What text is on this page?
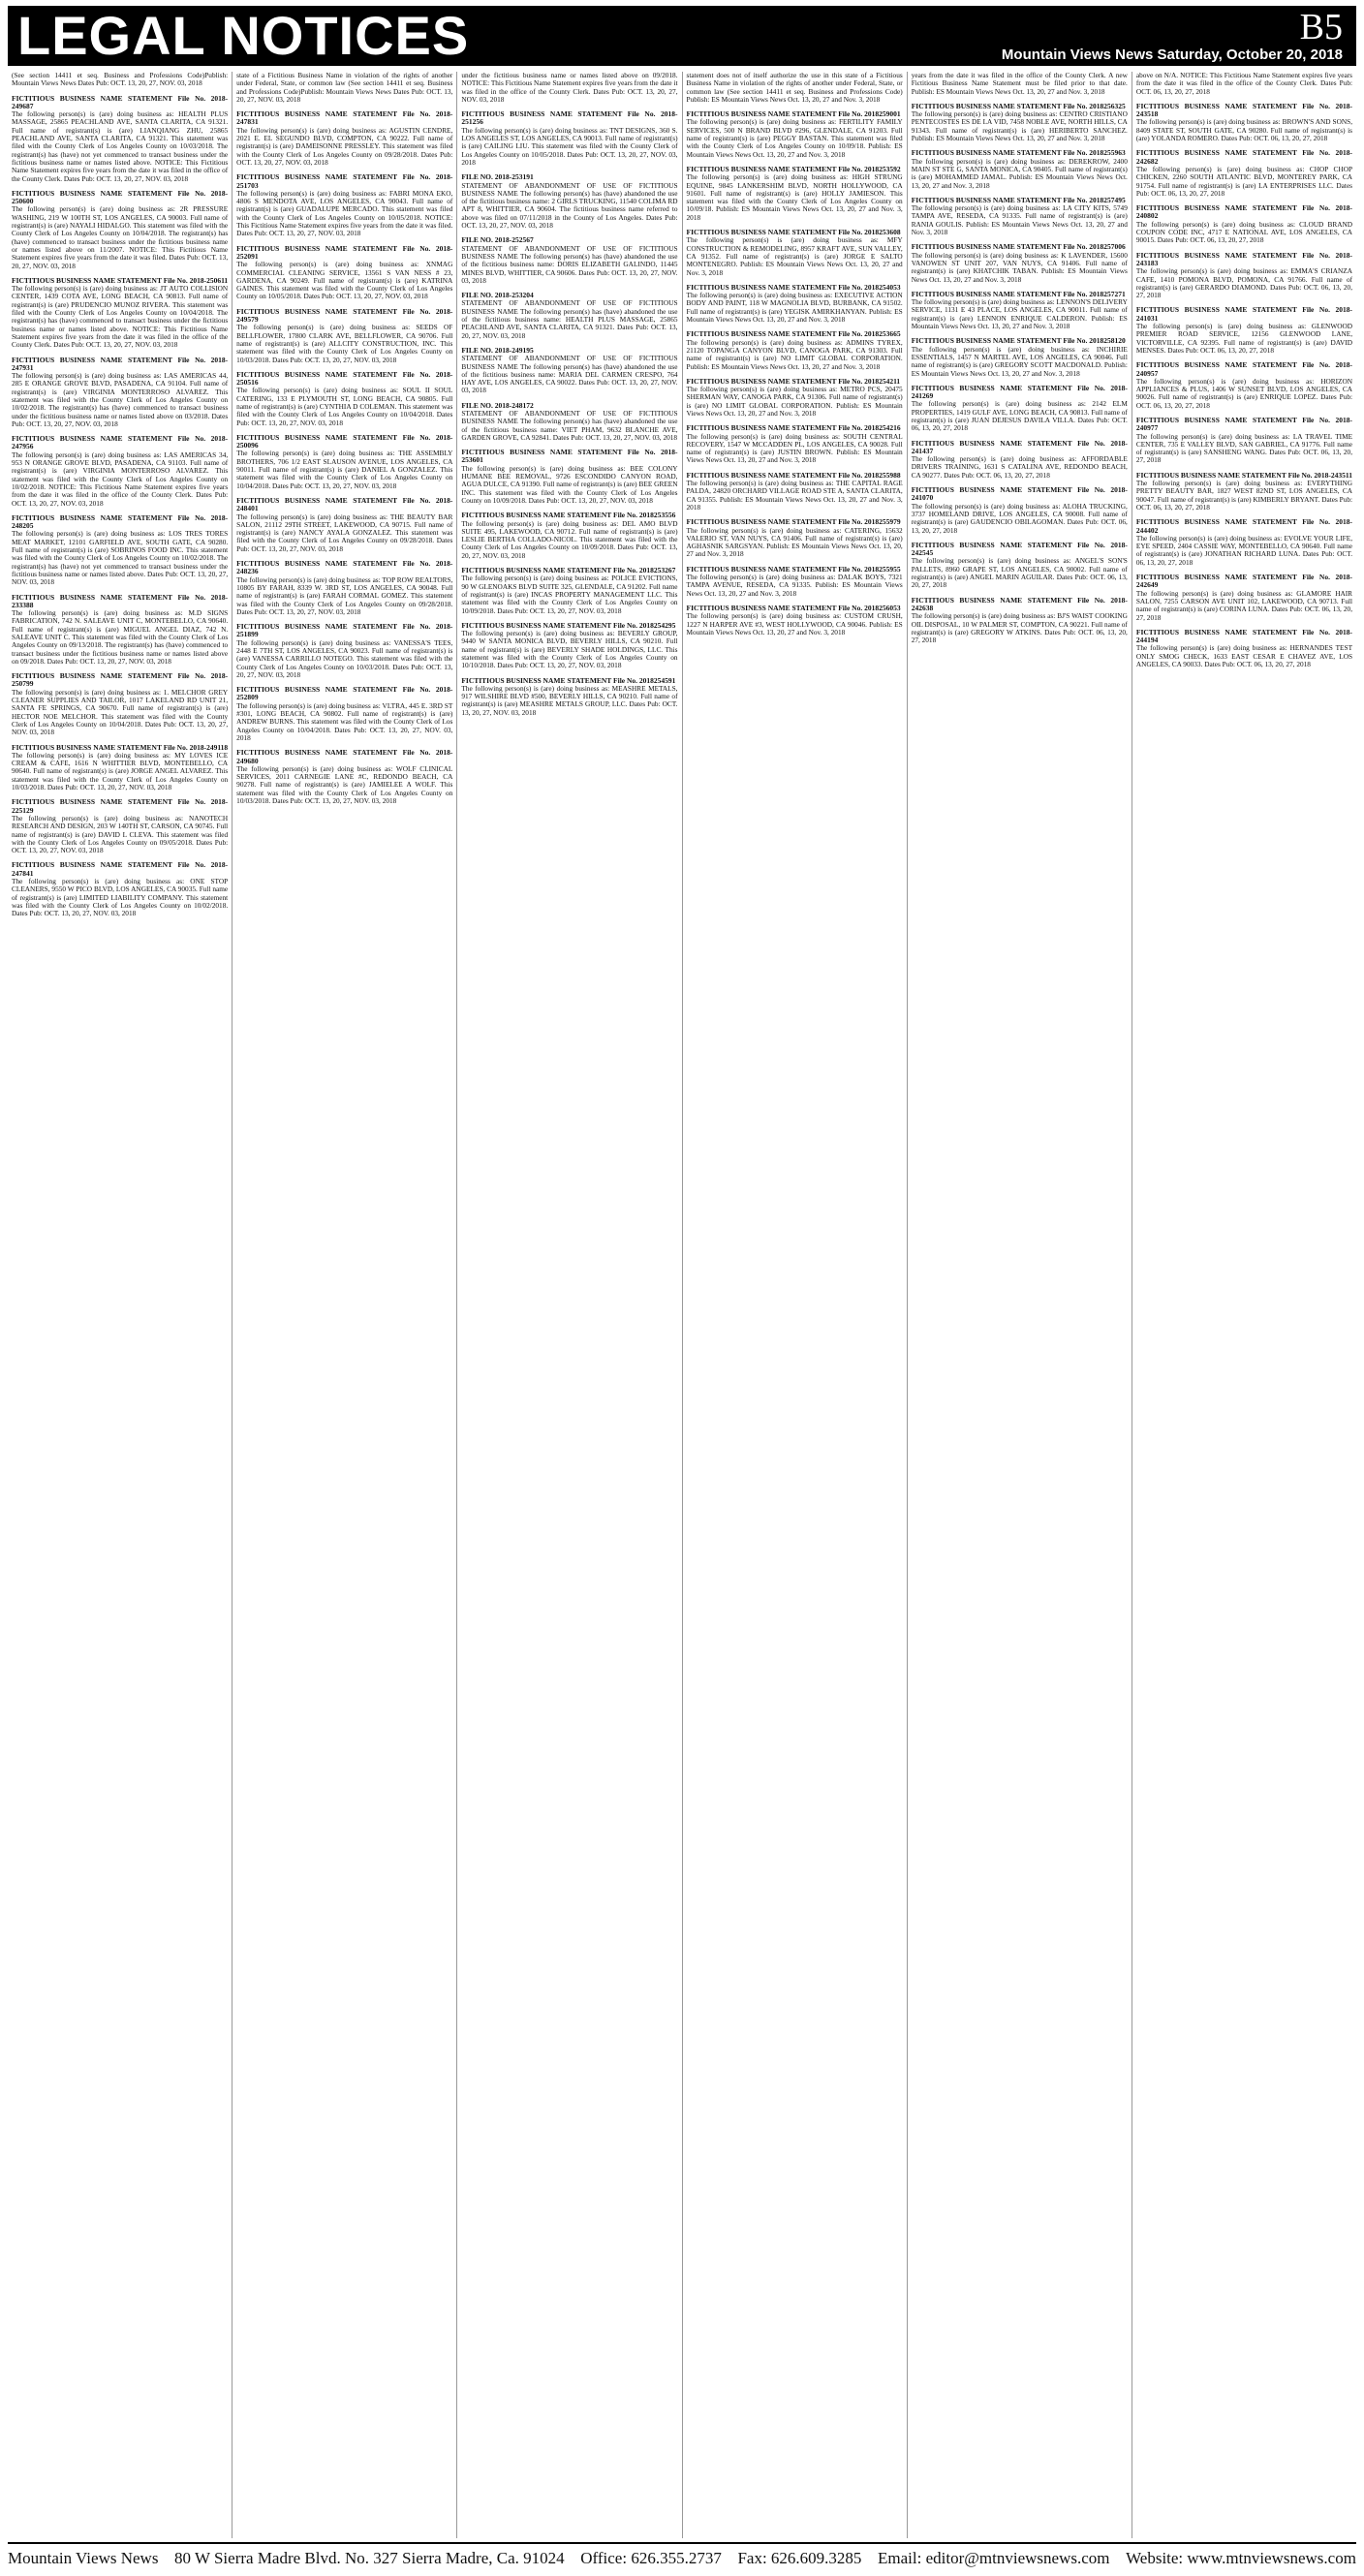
LEGAL NOTICES	B5
Mountain Views News Saturday, October 20, 2018

(See section 14411 et seq. Business and Professions Code)Publish: Mountain Views News Dates Pub: OCT. 13, 20, 27, NOV. 03, 2018

FICTITIOUS BUSINESS NAME STATEMENT File No. 2018-249687
The following person(s) is (are) doing business as: HEALTH PLUS MASSAGE, 25865 PEACHLAND AVE, SANTA CLARITA, CA 91321. Full name of registrant(s) is (are) LIANQIANG ZHU, 25865 PEACHLAND AVE, SANTA CLARITA, CA 91321. This statement was filed with the County Clerk of Los Angeles County on 10/03/2018. The registrant(s) has (have) not yet commenced to transact business under the fictitious business name or names listed above. NOTICE: This Fictitious Name Statement expires five years from the date it was filed in the office of the County Clerk. Dates Pub: OCT. 13, 20, 27, NOV. 03, 2018

FICTITIOUS BUSINESS NAME STATEMENT File No. 2018-250600
The following person(s) is (are) doing business as: 2R PRESSURE WASHING, 219 W 100TH ST, LOS ANGELES, CA 90003. Full name of registrant(s) is (are) NAYALI HIDALGO. This statement was filed with the County Clerk of Los Angeles County on 10/04/2018. The registrant(s) has (have) commenced to transact business under the fictitious business name or names listed above on 11/2007. NOTICE: This Fictitious Name Statement expires five years from the date it was filed. Dates Pub: OCT. 13, 20, 27, NOV. 03, 2018

FICTITIOUS BUSINESS NAME STATEMENT File No. 2018-250611
The following person(s) is (are) doing business as: JT AUTO COLLISION CENTER, 1439 COTA AVE, LONG BEACH, CA 90813. Full name of registrant(s) is (are) PRUDENCIO MUNOZ RIVERA. This statement was filed with the County Clerk of Los Angeles County on 10/04/2018. The registrant(s) has (have) commenced to transact business under the fictitious business name or names listed above. NOTICE: This Fictitious Name Statement expires five years from the date it was filed in the office of the County Clerk. Dates Pub: OCT. 13, 20, 27, NOV. 03, 2018

FICTITIOUS BUSINESS NAME STATEMENT File No. 2018-247931
The following person(s) is (are) doing business as: LAS AMERICAS 44, 285 E ORANGE GROVE BLVD, PASADENA, CA 91104. Full name of registrant(s) is (are) VIRGINIA MONTERROSO ALVAREZ. This statement was filed with the County Clerk of Los Angeles County on 10/02/2018. The registrant(s) has (have) commenced to transact business under the fictitious business name or names listed above on 03/2018. Dates Pub: OCT. 13, 20, 27, NOV. 03, 2018

FICTITIOUS BUSINESS NAME STATEMENT File No. 2018-247956
The following person(s) is (are) doing business as: LAS AMERICAS 34, 953 N ORANGE GROVE BLVD, PASADENA, CA 91103. Full name of registrant(s) is (are) VIRGINIA MONTERROSO ALVAREZ. This statement was filed with the County Clerk of Los Angeles County on 10/02/2018. NOTICE: This Fictitious Name Statement expires five years from the date it was filed in the office of the County Clerk. Dates Pub: OCT. 13, 20, 27, NOV. 03, 2018

FICTITIOUS BUSINESS NAME STATEMENT File No. 2018-248205
The following person(s) is (are) doing business as: LOS TRES TORES MEAT MARKET, 12101 GARFIELD AVE, SOUTH GATE, CA 90280. Full name of registrant(s) is (are) SOBRINOS FOOD INC. This statement was filed with the County Clerk of Los Angeles County on 10/02/2018. The registrant(s) has (have) not yet commenced to transact business under the fictitious business name or names listed above. Dates Pub: OCT. 13, 20, 27, NOV. 03, 2018

FICTITIOUS BUSINESS NAME STATEMENT File No. 2018-233388
The following person(s) is (are) doing business as: M.D SIGNS FABRICATION, 742 N. SALEAVE UNIT C, MONTEBELLO, CA 90640. Full name of registrant(s) is (are) MIGUEL ANGEL DIAZ, 742 N. SALEAVE UNIT C. This statement was filed with the County Clerk of Los Angeles County on 09/13/2018. The registrant(s) has (have) commenced to transact business under the fictitious business name or names listed above on 09/2018. Dates Pub: OCT. 13, 20, 27, NOV. 03, 2018

FICTITIOUS BUSINESS NAME STATEMENT File No. 2018-250799
The following person(s) is (are) doing business as: 1. MELCHOR GREY CLEANER SUPPLIES AND TAILOR, 1017 LAKELAND RD UNIT 21, SANTA FE SPRINGS, CA 90670. Full name of registrant(s) is (are) HECTOR NOE MELCHOR. This statement was filed with the County Clerk of Los Angeles County on 10/04/2018. Dates Pub: OCT. 13, 20, 27, NOV. 03, 2018

FICTITIOUS BUSINESS NAME STATEMENT File No. 2018-249118
The following person(s) is (are) doing business as: MY LOVES ICE CREAM & CAFE, 1616 N WHITTIER BLVD, MONTEBELLO, CA 90640. Full name of registrant(s) is (are) JORGE ANGEL ALVAREZ. This statement was filed with the County Clerk of Los Angeles County on 10/03/2018. Dates Pub: OCT. 13, 20, 27, NOV. 03, 2018

FICTITIOUS BUSINESS NAME STATEMENT File No. 2018-225129
The following person(s) is (are) doing business as: NANOTECH RESEARCH AND DESIGN, 203 W 140TH ST, CARSON, CA 90745. Full name of registrant(s) is (are) DAVID L CLEVA. This statement was filed with the County Clerk of Los Angeles County on 09/05/2018. Dates Pub: OCT. 13, 20, 27, NOV. 03, 2018

FICTITIOUS BUSINESS NAME STATEMENT File No. 2018-247841
The following person(s) is (are) doing business as: ONE STOP CLEANERS, 9550 W PICO BLVD, LOS ANGELES, CA 90035. Full name of registrant(s) is (are) LIMITED LIABILITY COMPANY. This statement was filed with the County Clerk of Los Angeles County on 10/02/2018. Dates Pub: OCT. 13, 20, 27, NOV. 03, 2018

state of a Fictitious Business Name in violation of the rights of another under Federal, State, or common law (See section 14411 et seq. Business and Professions Code)Publish: Mountain Views News Dates Pub: OCT. 13, 20, 27, NOV. 03, 2018

FICTITIOUS BUSINESS NAME STATEMENT File No. 2018-247831
The following person(s) is (are) doing business as: AGUSTIN CENDRE, 2021 E. EL SEGUNDO BLVD, COMPTON, CA 90222. Full name of registrant(s) is (are) DAMEISONNE PRESSLEY. This statement was filed with the County Clerk of Los Angeles County on 09/28/2018. Dates Pub: OCT. 13, 20, 27, NOV. 03, 2018

FICTITIOUS BUSINESS NAME STATEMENT File No. 2018-251703
The following person(s) is (are) doing business as: FABRI MONA EKO, 4806 S MENDOTA AVE, LOS ANGELES, CA 90043. Full name of registrant(s) is (are) GUADALUPE MERCADO. This statement was filed with the County Clerk of Los Angeles County on 10/05/2018. NOTICE: This Fictitious Name Statement expires five years from the date it was filed. Dates Pub: OCT. 13, 20, 27, NOV. 03, 2018

FICTITIOUS BUSINESS NAME STATEMENT File No. 2018-252091
The following person(s) is (are) doing business as: XNMAG COMMERCIAL CLEANING SERVICE, 13561 S VAN NESS # 23, GARDENA, CA 90249. Full name of registrant(s) is (are) KATRINA GAINES. This statement was filed with the County Clerk of Los Angeles County on 10/05/2018. Dates Pub: OCT. 13, 20, 27, NOV. 03, 2018

FICTITIOUS BUSINESS NAME STATEMENT File No. 2018-249579
The following person(s) is (are) doing business as: SEEDS OF BELLFLOWER, 17800 CLARK AVE, BELLFLOWER, CA 90706. Full name of registrant(s) is (are) ALLCITY CONSTRUCTION, INC. This statement was filed with the County Clerk of Los Angeles County on 10/03/2018. Dates Pub: OCT. 13, 20, 27, NOV. 03, 2018

FICTITIOUS BUSINESS NAME STATEMENT File No. 2018-250516
The following person(s) is (are) doing business as: SOUL II SOUL CATERING, 133 E PLYMOUTH ST, LONG BEACH, CA 90805. Full name of registrant(s) is (are) CYNTHIA D COLEMAN. This statement was filed with the County Clerk of Los Angeles County on 10/04/2018. Dates Pub: OCT. 13, 20, 27, NOV. 03, 2018

FICTITIOUS BUSINESS NAME STATEMENT File No. 2018-250096
The following person(s) is (are) doing business as: THE ASSEMBLY BROTHERS, 706 1/2 EAST SLAUSON AVENUE, LOS ANGELES, CA 90011. Full name of registrant(s) is (are) DANIEL A GONZALEZ. This statement was filed with the County Clerk of Los Angeles County on 10/04/2018. Dates Pub: OCT. 13, 20, 27, NOV. 03, 2018

FICTITIOUS BUSINESS NAME STATEMENT File No. 2018-248401
The following person(s) is (are) doing business as: THE BEAUTY BAR SALON, 21112 29TH STREET, LAKEWOOD, CA 90715. Full name of registrant(s) is (are) NANCY AYALA GONZALEZ. This statement was filed with the County Clerk of Los Angeles County on 09/28/2018. Dates Pub: OCT. 13, 20, 27, NOV. 03, 2018

FICTITIOUS BUSINESS NAME STATEMENT File No. 2018-248236
The following person(s) is (are) doing business as: TOP ROW REALTORS, 10805 BY FARAH, 8339 W. 3RD ST, LOS ANGELES, CA 90048. Full name of registrant(s) is (are) FARAH CORMAL GOMEZ. This statement was filed with the County Clerk of Los Angeles County on 09/28/2018. Dates Pub: OCT. 13, 20, 27, NOV. 03, 2018

FICTITIOUS BUSINESS NAME STATEMENT File No. 2018-251899
The following person(s) is (are) doing business as: VANESSA'S TEES, 2448 E 7TH ST, LOS ANGELES, CA 90023. Full name of registrant(s) is (are) VANESSA CARRILLO NOTEGO. This statement was filed with the County Clerk of Los Angeles County on 10/03/2018. Dates Pub: OCT. 13, 20, 27, NOV. 03, 2018

FICTITIOUS BUSINESS NAME STATEMENT File No. 2018-252809
The following person(s) is (are) doing business as: VLTRA, 445 E. 3RD ST #301, LONG BEACH, CA 90802. Full name of registrant(s) is (are) ANDREW BURNS. This statement was filed with the County Clerk of Los Angeles County on 10/04/2018. Dates Pub: OCT. 13, 20, 27, NOV. 03, 2018

FICTITIOUS BUSINESS NAME STATEMENT File No. 2018-249680
The following person(s) is (are) doing business as: WOLF CLINICAL SERVICES, 2011 CARNEGIE LANE #C, REDONDO BEACH, CA 90278. Full name of registrant(s) is (are) JAMIELEE A WOLF. This statement was filed with the County Clerk of Los Angeles County on 10/03/2018. Dates Pub: OCT. 13, 20, 27, NOV. 03, 2018

under the fictitious business name or names listed above on 09/2018. NOTICE: This Fictitious Name Statement expires five years from the date it was filed in the office of the County Clerk. Dates Pub: OCT. 13, 20, 27, NOV. 03, 2018

FICTITIOUS BUSINESS NAME STATEMENT File No. 2018-251256
The following person(s) is (are) doing business as: TNT DESIGNS, 360 S. LOS ANGELES ST, LOS ANGELES, CA 90013. Full name of registrant(s) is (are) CAILING LIU. This statement was filed with the County Clerk of Los Angeles County on 10/05/2018. Dates Pub: OCT. 13, 20, 27, NOV. 03, 2018

FILE NO. 2018-253191
STATEMENT OF ABANDONMENT OF USE OF FICTITIOUS BUSINESS NAME The following person(s) has (have) abandoned the use of the fictitious business name: 2 GIRLS TRUCKING, 11540 COLIMA RD APT 8, WHITTIER, CA 90604. The fictitious business name referred to above was filed on 07/11/2018 in the County of Los Angeles. Dates Pub: OCT. 13, 20, 27, NOV. 03, 2018

FILE NO. 2018-252567
STATEMENT OF ABANDONMENT OF USE OF FICTITIOUS BUSINESS NAME The following person(s) has (have) abandoned the use of the fictitious business name: DORIS ELIZABETH GALINDO, 11445 MINES BLVD, WHITTIER, CA 90606. Dates Pub: OCT. 13, 20, 27, NOV. 03, 2018

FILE NO. 2018-253204
STATEMENT OF ABANDONMENT OF USE OF FICTITIOUS BUSINESS NAME The following person(s) has (have) abandoned the use of the fictitious business name: HEALTH PLUS MASSAGE, 25865 PEACHLAND AVE, SANTA CLARITA, CA 91321. Dates Pub: OCT. 13, 20, 27, NOV. 03, 2018

FILE NO. 2018-249195
STATEMENT OF ABANDONMENT OF USE OF FICTITIOUS BUSINESS NAME The following person(s) has (have) abandoned the use of the fictitious business name: MARIA DEL CARMEN CRESPO, 764 HAY AVE, LOS ANGELES, CA 90022. Dates Pub: OCT. 13, 20, 27, NOV. 03, 2018

FILE NO. 2018-248172
STATEMENT OF ABANDONMENT OF USE OF FICTITIOUS BUSINESS NAME The following person(s) has (have) abandoned the use of the fictitious business name: VIET PHAM, 9632 BLANCHE AVE, GARDEN GROVE, CA 92841. Dates Pub: OCT. 13, 20, 27, NOV. 03, 2018

FICTITIOUS BUSINESS NAME STATEMENT File No. 2018-253601
The following person(s) is (are) doing business as: BEE COLONY HUMANE BEE REMOVAL, 9726 ESCONDIDO CANYON ROAD, AGUA DULCE, CA 91390. Full name of registrant(s) is (are) BEE GREEN INC. This statement was filed with the County Clerk of Los Angeles County on 10/09/2018. Dates Pub: OCT. 13, 20, 27, NOV. 03, 2018

FICTITIOUS BUSINESS NAME STATEMENT File No. 2018253556
The following person(s) is (are) doing business as: DEL AMO BLVD SUITE 495, LAKEWOOD, CA 90712. Full name of registrant(s) is (are) LESLIE BERTHA COLLADO-NICOL. This statement was filed with the County Clerk of Los Angeles County on 10/09/2018. Dates Pub: OCT. 13, 20, 27, NOV. 03, 2018

FICTITIOUS BUSINESS NAME STATEMENT File No. 2018253267
The following person(s) is (are) doing business as: POLICE EVICTIONS, 90 W GLENOAKS BLVD SUITE 325, GLENDALE, CA 91202. Full name of registrant(s) is (are) INCAS PROPERTY MANAGEMENT LLC. This statement was filed with the County Clerk of Los Angeles County on 10/09/2018. Dates Pub: OCT. 13, 20, 27, NOV. 03, 2018

FICTITIOUS BUSINESS NAME STATEMENT File No. 2018254295
The following person(s) is (are) doing business as: BEVERLY GROUP, 9440 W SANTA MONICA BLVD, BEVERLY HILLS, CA 90210. Full name of registrant(s) is (are) BEVERLY SHADE HOLDINGS, LLC. This statement was filed with the County Clerk of Los Angeles County on 10/10/2018. Dates Pub: OCT. 13, 20, 27, NOV. 03, 2018

FICTITIOUS BUSINESS NAME STATEMENT File No. 2018254591
The following person(s) is (are) doing business as: MEASHRE METALS, 917 WILSHIRE BLVD #500, BEVERLY HILLS, CA 90210. Full name of registrant(s) is (are) MEASHRE METALS GROUP, LLC. Dates Pub: OCT. 13, 20, 27, NOV. 03, 2018

statement does not of itself authorize the use in this state of a Fictitious Business Name in violation of the rights of another under Federal, State, or common law (See section 14411 et seq. Business and Professions Code) Publish: ES Mountain Views News Oct. 13, 20, 27 and Nov. 3, 2018

FICTITIOUS BUSINESS NAME STATEMENT File No. 2018259001
The following person(s) is (are) doing business as: FERTILITY FAMILY SERVICES, 500 N BRAND BLVD #296, GLENDALE, CA 91203. Full name of registrant(s) is (are) PEGGY BASTAN. This statement was filed with the County Clerk of Los Angeles County on 10/09/18. Publish: ES Mountain Views News Oct. 13, 20, 27 and Nov. 3, 2018

FICTITIOUS BUSINESS NAME STATEMENT File No. 2018253592
The following person(s) is (are) doing business as: HIGH STRUNG EQUINE, 9845 LANKERSHIM BLVD, NORTH HOLLYWOOD, CA 91601. Full name of registrant(s) is (are) HOLLY JAMIESON. This statement was filed with the County Clerk of Los Angeles County on 10/09/18. Publish: ES Mountain Views News Oct. 13, 20, 27 and Nov. 3, 2018

FICTITIOUS BUSINESS NAME STATEMENT File No. 2018253608
The following person(s) is (are) doing business as: MFY CONSTRUCTION & REMODELING, 8957 KRAFT AVE, SUN VALLEY, CA 91352. Full name of registrant(s) is (are) JORGE E SALTO MONTENEGRO. Publish: ES Mountain Views News Oct. 13, 20, 27 and Nov. 3, 2018

FICTITIOUS BUSINESS NAME STATEMENT File No. 2018254053
The following person(s) is (are) doing business as: EXECUTIVE ACTION BODY AND PAINT, 118 W MAGNOLIA BLVD, BURBANK, CA 91502. Full name of registrant(s) is (are) YEGISK AMIRKHANYAN. Publish: ES Mountain Views News Oct. 13, 20, 27 and Nov. 3, 2018

FICTITIOUS BUSINESS NAME STATEMENT File No. 2018253665
The following person(s) is (are) doing business as: ADMINS TYREX, 21120 TOPANGA CANYON BLVD, CANOGA PARK, CA 91303. Full name of registrant(s) is (are) NO LIMIT GLOBAL CORPORATION. Publish: ES Mountain Views News Oct. 13, 20, 27 and Nov. 3, 2018

FICTITIOUS BUSINESS NAME STATEMENT File No. 2018254211
The following person(s) is (are) doing business as: METRO PCS, 20475 SHERMAN WAY, CANOGA PARK, CA 91306. Full name of registrant(s) is (are) NO LIMIT GLOBAL CORPORATION. Publish: ES Mountain Views News Oct. 13, 20, 27 and Nov. 3, 2018

FICTITIOUS BUSINESS NAME STATEMENT File No. 2018254216
The following person(s) is (are) doing business as: SOUTH CENTRAL RECOVERY, 1547 W MCCADDEN PL, LOS ANGELES, CA 90028. Full name of registrant(s) is (are) JUSTIN BROWN. Publish: ES Mountain Views News Oct. 13, 20, 27 and Nov. 3, 2018

FICTITIOUS BUSINESS NAME STATEMENT File No. 2018255988
The following person(s) is (are) doing business as: THE CAPITAL RAGE PALDA, 24820 ORCHARD VILLAGE ROAD STE A, SANTA CLARITA, CA 91355. Publish: ES Mountain Views News Oct. 13, 20, 27 and Nov. 3, 2018

FICTITIOUS BUSINESS NAME STATEMENT File No. 2018255979
The following person(s) is (are) doing business as: CATERING, 15632 VALERIO ST, VAN NUYS, CA 91406. Full name of registrant(s) is (are) AGHASNIK SARGSYAN. Publish: ES Mountain Views News Oct. 13, 20, 27 and Nov. 3, 2018

FICTITIOUS BUSINESS NAME STATEMENT File No. 2018255955
The following person(s) is (are) doing business as: DALAK BOYS, 7321 TAMPA AVENUE, RESEDA, CA 91335. Publish: ES Mountain Views News Oct. 13, 20, 27 and Nov. 3, 2018

FICTITIOUS BUSINESS NAME STATEMENT File No. 2018256053
The following person(s) is (are) doing business as: CUSTOM CRUSH, 1227 N HARPER AVE #3, WEST HOLLYWOOD, CA 90046. Publish: ES Mountain Views News Oct. 13, 20, 27 and Nov. 3, 2018

years from the date it was filed in the office of the County Clerk. A new Fictitious Business Name Statement must be filed prior to that date. Publish: ES Mountain Views News Oct. 13, 20, 27 and Nov. 3, 2018

FICTITIOUS BUSINESS NAME STATEMENT File No. 2018256325
The following person(s) is (are) doing business as: CENTRO CRISTIANO PENTECOSTES ES DE LA VID, 7458 NOBLE AVE, NORTH HILLS, CA 91343. Full name of registrant(s) is (are) HERIBERTO SANCHEZ. Publish: ES Mountain Views News Oct. 13, 20, 27 and Nov. 3, 2018

FICTITIOUS BUSINESS NAME STATEMENT File No. 2018255963
The following person(s) is (are) doing business as: DEREKROW, 2400 MAIN ST STE G, SANTA MONICA, CA 90405. Full name of registrant(s) is (are) MOHAMMED JAMAL. Publish: ES Mountain Views News Oct. 13, 20, 27 and Nov. 3, 2018

FICTITIOUS BUSINESS NAME STATEMENT File No. 2018257495
The following person(s) is (are) doing business as: LA CITY KITS, 5749 TAMPA AVE, RESEDA, CA 91335. Full name of registrant(s) is (are) RANIA GOULIS. Publish: ES Mountain Views News Oct. 13, 20, 27 and Nov. 3, 2018

FICTITIOUS BUSINESS NAME STATEMENT File No. 2018257006
The following person(s) is (are) doing business as: K LAVENDER, 15600 VANOWEN ST UNIT 207, VAN NUYS, CA 91406. Full name of registrant(s) is (are) KHATCHIK TABAN. Publish: ES Mountain Views News Oct. 13, 20, 27 and Nov. 3, 2018

FICTITIOUS BUSINESS NAME STATEMENT File No. 2018257271
The following person(s) is (are) doing business as: LENNON'S DELIVERY SERVICE, 1131 E 43 PLACE, LOS ANGELES, CA 90011. Full name of registrant(s) is (are) LENNON ENRIQUE CALDERON. Publish: ES Mountain Views News Oct. 13, 20, 27 and Nov. 3, 2018

FICTITIOUS BUSINESS NAME STATEMENT File No. 2018258120
The following person(s) is (are) doing business as: INCHIRIE ESSENTIALS, 1457 N MARTEL AVE, LOS ANGELES, CA 90046. Full name of registrant(s) is (are) GREGORY SCOTT MACDONALD. Publish: ES Mountain Views News Oct. 13, 20, 27 and Nov. 3, 2018

FICTITIOUS BUSINESS NAME STATEMENT File No. 2018-241269
The following person(s) is (are) doing business as: 2142 ELM PROPERTIES, 1419 GULF AVE, LONG BEACH, CA 90813. Full name of registrant(s) is (are) JUAN DEJESUS DAVILA VILLA. Dates Pub: OCT. 06, 13, 20, 27, 2018

FICTITIOUS BUSINESS NAME STATEMENT File No. 2018-241437
The following person(s) is (are) doing business as: AFFORDABLE DRIVERS TRAINING, 1631 S CATALINA AVE, REDONDO BEACH, CA 90277. Dates Pub: OCT. 06, 13, 20, 27, 2018

FICTITIOUS BUSINESS NAME STATEMENT File No. 2018-241070
The following person(s) is (are) doing business as: ALOHA TRUCKING, 3737 HOMELAND DRIVE, LOS ANGELES, CA 90008. Full name of registrant(s) is (are) GAUDENCIO OBILAGOMAN. Dates Pub: OCT. 06, 13, 20, 27, 2018

FICTITIOUS BUSINESS NAME STATEMENT File No. 2018-242545
The following person(s) is (are) doing business as: ANGEL'S SON'S PALLETS, 8960 GRAPE ST, LOS ANGELES, CA 90002. Full name of registrant(s) is (are) ANGEL MARIN AGUILAR. Dates Pub: OCT. 06, 13, 20, 27, 2018

FICTITIOUS BUSINESS NAME STATEMENT File No. 2018-242638
The following person(s) is (are) doing business as: BJ'S WAIST COOKING OIL DISPOSAL, 10 W PALMER ST, COMPTON, CA 90221. Full name of registrant(s) is (are) GREGORY W ATKINS. Dates Pub: OCT. 06, 13, 20, 27, 2018

above on N/A. NOTICE: This Fictitious Name Statement expires five years from the date it was filed in the office of the County Clerk. Dates Pub: OCT. 06, 13, 20, 27, 2018

FICTITIOUS BUSINESS NAME STATEMENT File No. 2018-243518
The following person(s) is (are) doing business as: BROWN'S AND SONS, 8409 STATE ST, SOUTH GATE, CA 90280. Full name of registrant(s) is (are) YOLANDA ROMERO. Dates Pub: OCT. 06, 13, 20, 27, 2018

FICTITIOUS BUSINESS NAME STATEMENT File No. 2018-242682
The following person(s) is (are) doing business as: CHOP CHOP CHICKEN, 2260 SOUTH ATLANTIC BLVD, MONTEREY PARK, CA 91754. Full name of registrant(s) is (are) LA ENTERPRISES LLC. Dates Pub: OCT. 06, 13, 20, 27, 2018

FICTITIOUS BUSINESS NAME STATEMENT File No. 2018-240802
The following person(s) is (are) doing business as: CLOUD BRAND COUPON CODE INC, 4717 E NATIONAL AVE, LOS ANGELES, CA 90015. Dates Pub: OCT. 06, 13, 20, 27, 2018

FICTITIOUS BUSINESS NAME STATEMENT File No. 2018-243183
The following person(s) is (are) doing business as: EMMA'S CRIANZA CAFE, 1410 POMONA BLVD, POMONA, CA 91766. Full name of registrant(s) is (are) GERARDO DIAMOND. Dates Pub: OCT. 06, 13, 20, 27, 2018

FICTITIOUS BUSINESS NAME STATEMENT File No. 2018-241031
The following person(s) is (are) doing business as: GLENWOOD PREMIER ROAD SERVICE, 12156 GLENWOOD LANE, VICTORVILLE, CA 92395. Full name of registrant(s) is (are) DAVID MENSES. Dates Pub: OCT. 06, 13, 20, 27, 2018

FICTITIOUS BUSINESS NAME STATEMENT File No. 2018-240957
The following person(s) is (are) doing business as: HORIZON APPLIANCES & PLUS, 1406 W SUNSET BLVD, LOS ANGELES, CA 90026. Full name of registrant(s) is (are) ENRIQUE LOPEZ. Dates Pub: OCT. 06, 13, 20, 27, 2018

FICTITIOUS BUSINESS NAME STATEMENT File No. 2018-240977
The following person(s) is (are) doing business as: LA TRAVEL TIME CENTER, 735 E VALLEY BLVD, SAN GABRIEL, CA 91776. Full name of registrant(s) is (are) SANSHENG WANG. Dates Pub: OCT. 06, 13, 20, 27, 2018

FICTITIOUS BUSINESS NAME STATEMENT File No. 2018-243511
The following person(s) is (are) doing business as: EVERYTHING PRETTY BEAUTY BAR, 1827 WEST 82ND ST, LOS ANGELES, CA 90047. Full name of registrant(s) is (are) KIMBERLY BRYANT. Dates Pub: OCT. 06, 13, 20, 27, 2018

FICTITIOUS BUSINESS NAME STATEMENT File No. 2018-244402
The following person(s) is (are) doing business as: EVOLVE YOUR LIFE, EYE SPEED, 2404 CASSIE WAY, MONTEBELLO, CA 90640. Full name of registrant(s) is (are) JONATHAN RICHARD LUNA. Dates Pub: OCT. 06, 13, 20, 27, 2018

FICTITIOUS BUSINESS NAME STATEMENT File No. 2018-242649
The following person(s) is (are) doing business as: GLAMORE HAIR SALON, 7255 CARSON AVE UNIT 102, LAKEWOOD, CA 90713. Full name of registrant(s) is (are) CORINA LUNA. Dates Pub: OCT. 06, 13, 20, 27, 2018

FICTITIOUS BUSINESS NAME STATEMENT File No. 2018-244194
The following person(s) is (are) doing business as: HERNANDES TEST ONLY SMOG CHECK, 1633 EAST CESAR E CHAVEZ AVE, LOS ANGELES, CA 90033. Dates Pub: OCT. 06, 13, 20, 27, 2018

Mountain Views News 80 W Sierra Madre Blvd. No. 327 Sierra Madre, Ca. 91024 Office: 626.355.2737 Fax: 626.609.3285 Email: editor@mtnviewsnews.com Website: www.mtnviewsnews.com
